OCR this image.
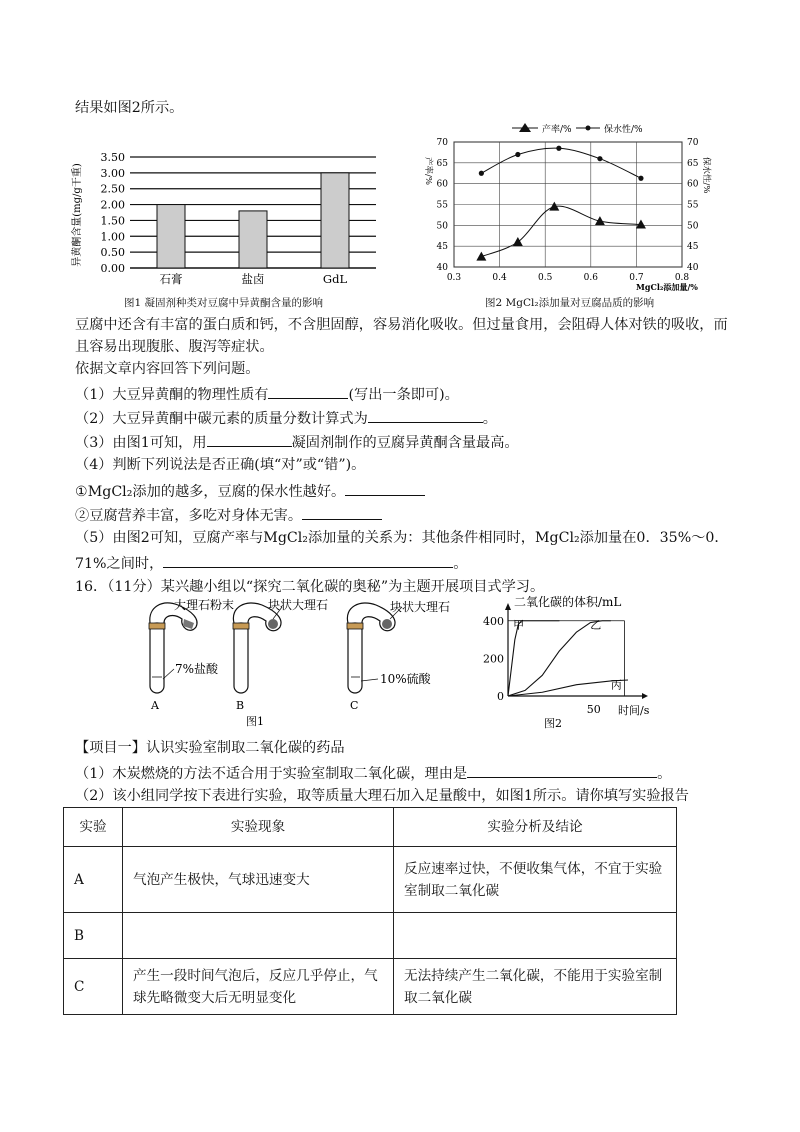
结果如图2所示。
3.50
3.00
2.50
2.00
1.50
1.00
0.50
0.00
石膏	盐卤	GdL
异黄酮含量(mg/g干重)
图1 凝固剂种类对豆腐中异黄酮含量的影响
产率/%	保水性/%
0.3	0.4	0.5	0.6	0.7	0.8
70
65
60
55
50
45
40
70
65
60
55
50
45
40
产率/%	保水性/%
MgCl₂添加量/%
图2 MgCl₂添加量对豆腐品质的影响
豆腐中还含有丰富的蛋白质和钙，不含胆固醇，容易消化吸收。但过量食用，会阻碍人体对铁的吸收，而
且容易出现腹胀、腹泻等症状。
依据文章内容回答下列问题。
（1）大豆异黄酮的物理性质有	(写出一条即可)。
（2）大豆异黄酮中碳元素的质量分数计算式为	。
（3）由图1可知，用	凝固剂制作的豆腐异黄酮含量最高。
（4）判断下列说法是否正确(填“对”或“错”)。
①MgCl₂添加的越多，豆腐的保水性越好。
②豆腐营养丰富，多吃对身体无害。
（5）由图2可知，豆腐产率与MgCl₂添加量的关系为：其他条件相同时，MgCl₂添加量在0．35%～0．
71%之间时，	。
16．（11分）某兴趣小组以“探究二氧化碳的奥秘”为主题开展项目式学习。
大理石粉末	块状大理石	块状大理石
7%盐酸
10%硫酸
A	B	C
图1
二氧化碳的体积/mL
时间/s
0
200
400
50
甲	乙
丙
图2
【项目一】认识实验室制取二氧化碳的药品
（1）木炭燃烧的方法不适合用于实验室制取二氧化碳，理由是	。
（2）该小组同学按下表进行实验，取等质量大理石加入足量酸中，如图1所示。请你填写实验报告
实验	实验现象	实验分析及结论
A	气泡产生极快，气球迅速变大	反应速率过快，不便收集气体，不宜于实验室制取二氧化碳
B		
C	产生一段时间气泡后，反应几乎停止，气球先略微变大后无明显变化	无法持续产生二氧化碳，不能用于实验室制取二氧化碳
